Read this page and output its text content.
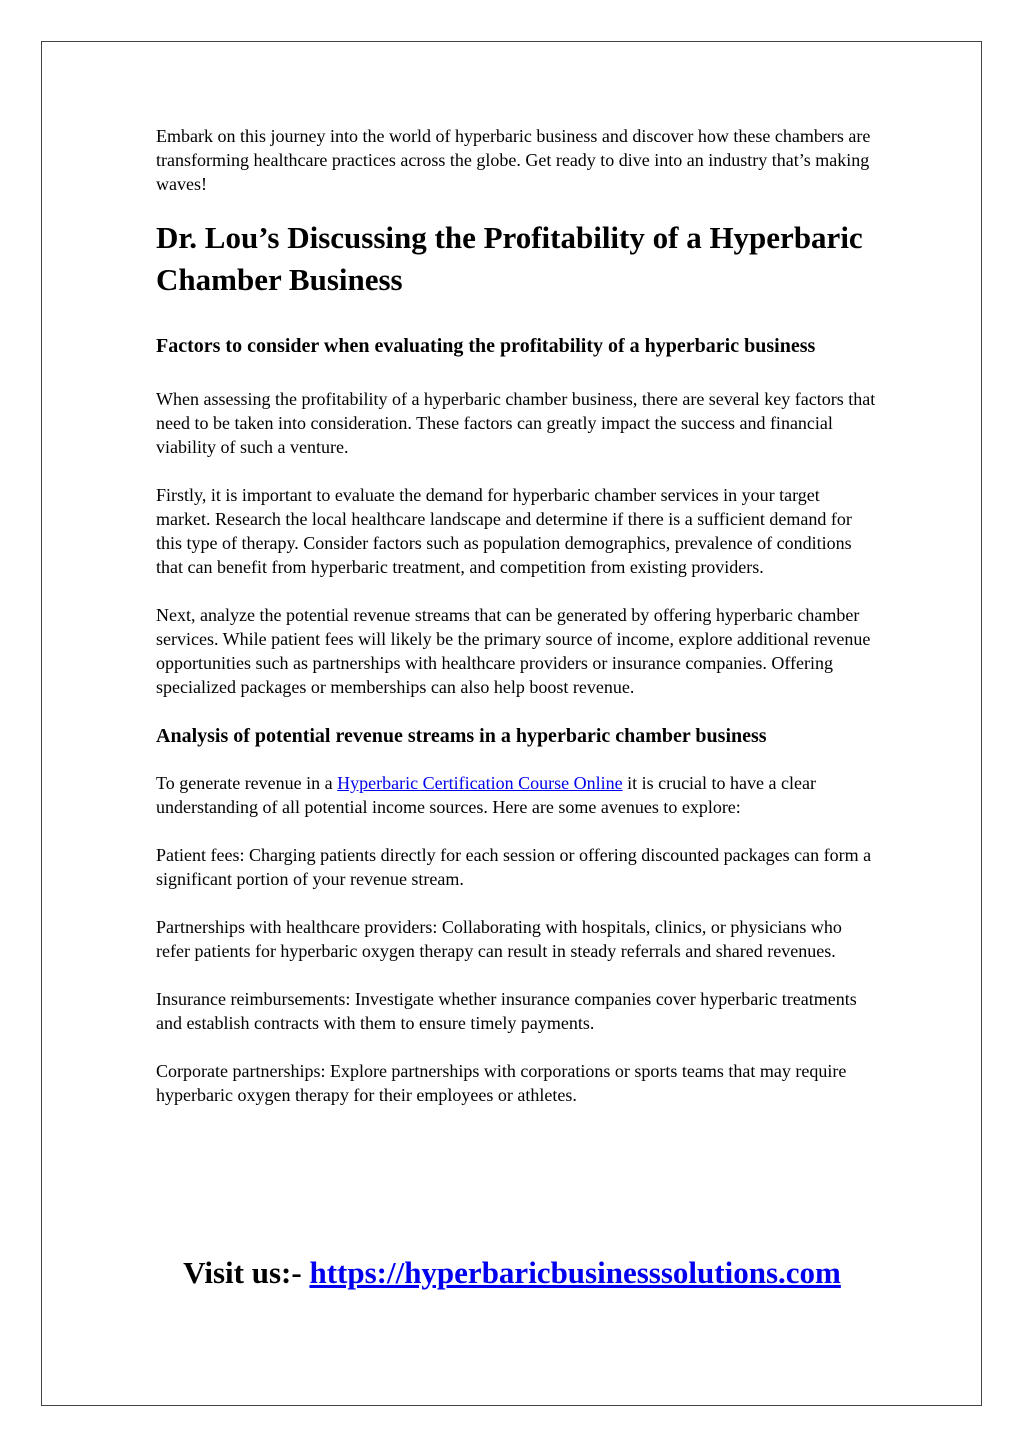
Embark on this journey into the world of hyperbaric business and discover how these chambers are transforming healthcare practices across the globe. Get ready to dive into an industry that’s making waves!

Dr. Lou’s Discussing the Profitability of a Hyperbaric Chamber Business
Factors to consider when evaluating the profitability of a hyperbaric business

When assessing the profitability of a hyperbaric chamber business, there are several key factors that need to be taken into consideration. These factors can greatly impact the success and financial viability of such a venture.

Firstly, it is important to evaluate the demand for hyperbaric chamber services in your target market. Research the local healthcare landscape and determine if there is a sufficient demand for this type of therapy. Consider factors such as population demographics, prevalence of conditions that can benefit from hyperbaric treatment, and competition from existing providers.

Next, analyze the potential revenue streams that can be generated by offering hyperbaric chamber services. While patient fees will likely be the primary source of income, explore additional revenue opportunities such as partnerships with healthcare providers or insurance companies. Offering specialized packages or memberships can also help boost revenue.

Analysis of potential revenue streams in a hyperbaric chamber business

To generate revenue in a Hyperbaric Certification Course Online it is crucial to have a clear understanding of all potential income sources. Here are some avenues to explore:

Patient fees: Charging patients directly for each session or offering discounted packages can form a significant portion of your revenue stream.

Partnerships with healthcare providers: Collaborating with hospitals, clinics, or physicians who refer patients for hyperbaric oxygen therapy can result in steady referrals and shared revenues.

Insurance reimbursements: Investigate whether insurance companies cover hyperbaric treatments and establish contracts with them to ensure timely payments.

Corporate partnerships: Explore partnerships with corporations or sports teams that may require hyperbaric oxygen therapy for their employees or athletes.

Visit us:- https://hyperbaricbusinesssolutions.com
